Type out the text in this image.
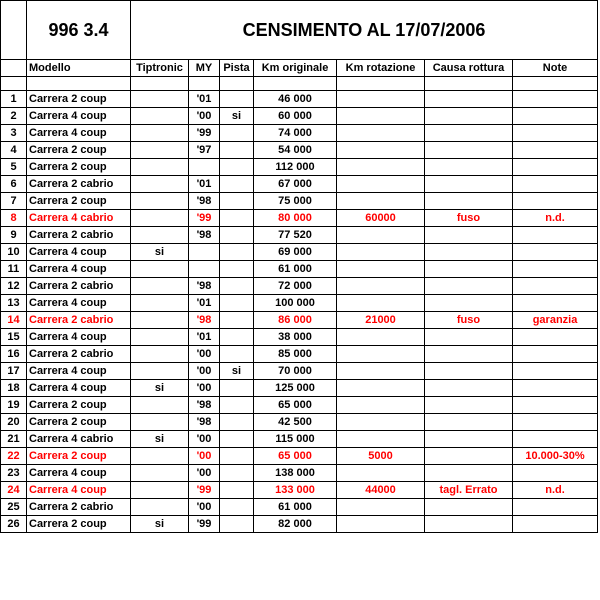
	996 3.4	CENSIMENTO AL 17/07/2006						
	Modello	Tiptronic	MY	Pista	Km originale	Km rotazione	Causa rottura	Note

1	Carrera 2 coup		'01		46 000			
2	Carrera 4 coup		'00	si	60 000			
3	Carrera 4 coup		'99		74 000			
4	Carrera 2 coup		'97		54 000			
5	Carrera 2 coup				112 000			
6	Carrera 2 cabrio		'01		67 000			
7	Carrera 2 coup		'98		75 000			
8	Carrera 4 cabrio		'99		80 000	60000	fuso	n.d.
9	Carrera 2 cabrio		'98		77 520			
10	Carrera 4 coup	si			69 000			
11	Carrera 4 coup				61 000			
12	Carrera 2 cabrio		'98		72 000			
13	Carrera 4 coup		'01		100 000			
14	Carrera 2 cabrio		'98		86 000	21000	fuso	garanzia
15	Carrera 4 coup		'01		38 000			
16	Carrera 2 cabrio		'00		85 000			
17	Carrera 4 coup		'00	si	70 000			
18	Carrera 4 coup	si	'00		125 000			
19	Carrera 2 coup		'98		65 000			
20	Carrera 2 coup		'98		42 500			
21	Carrera 4 cabrio	si	'00		115 000			
22	Carrera 2 coup		'00		65 000	5000		10.000-30%
23	Carrera 4 coup		'00		138 000			
24	Carrera 4 coup		'99		133 000	44000	tagl. Errato	n.d.
25	Carrera 2 cabrio		'00		61 000			
26	Carrera 2 coup	si	'99		82 000			
